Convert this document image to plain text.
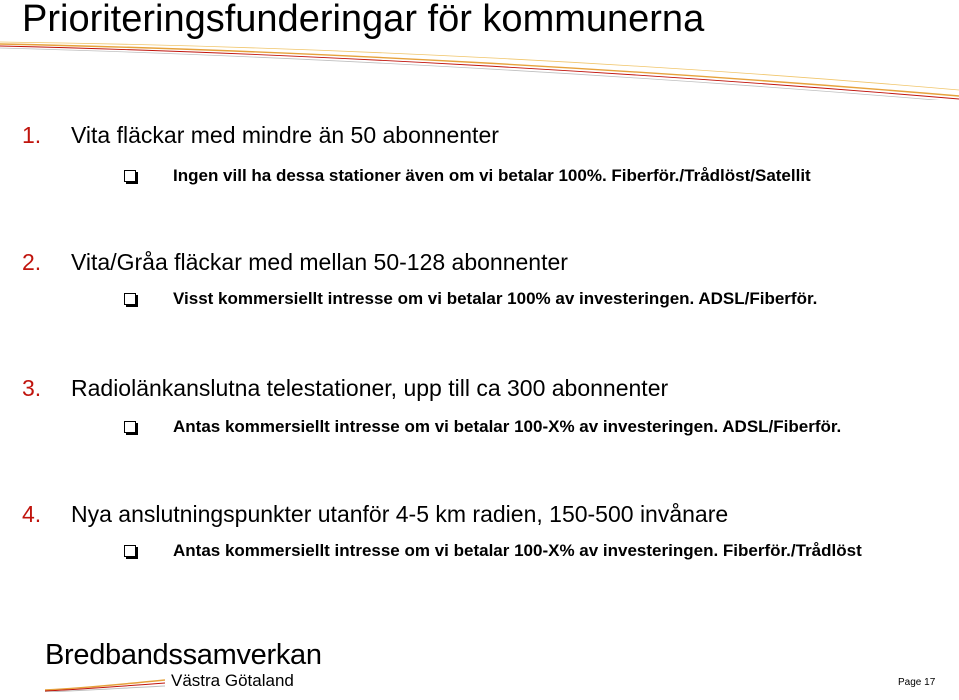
Prioriteringsfunderingar för kommunerna
1. Vita fläckar med mindre än 50 abonnenter
Ingen vill ha dessa stationer även om vi betalar 100%. Fiberför./Trådlöst/Satellit
2. Vita/Gråa fläckar med mellan 50-128 abonnenter
Visst kommersiellt intresse om vi betalar 100% av investeringen. ADSL/Fiberför.
3. Radiolänkanslutna telestationer, upp till ca 300 abonnenter
Antas kommersiellt intresse om vi betalar 100-X% av investeringen. ADSL/Fiberför.
4. Nya anslutningspunkter utanför 4-5 km radien, 150-500 invånare
Antas kommersiellt intresse om vi betalar 100-X% av investeringen. Fiberför./Trådlöst
Bredbandssamverkan
Västra Götaland	Page 17
